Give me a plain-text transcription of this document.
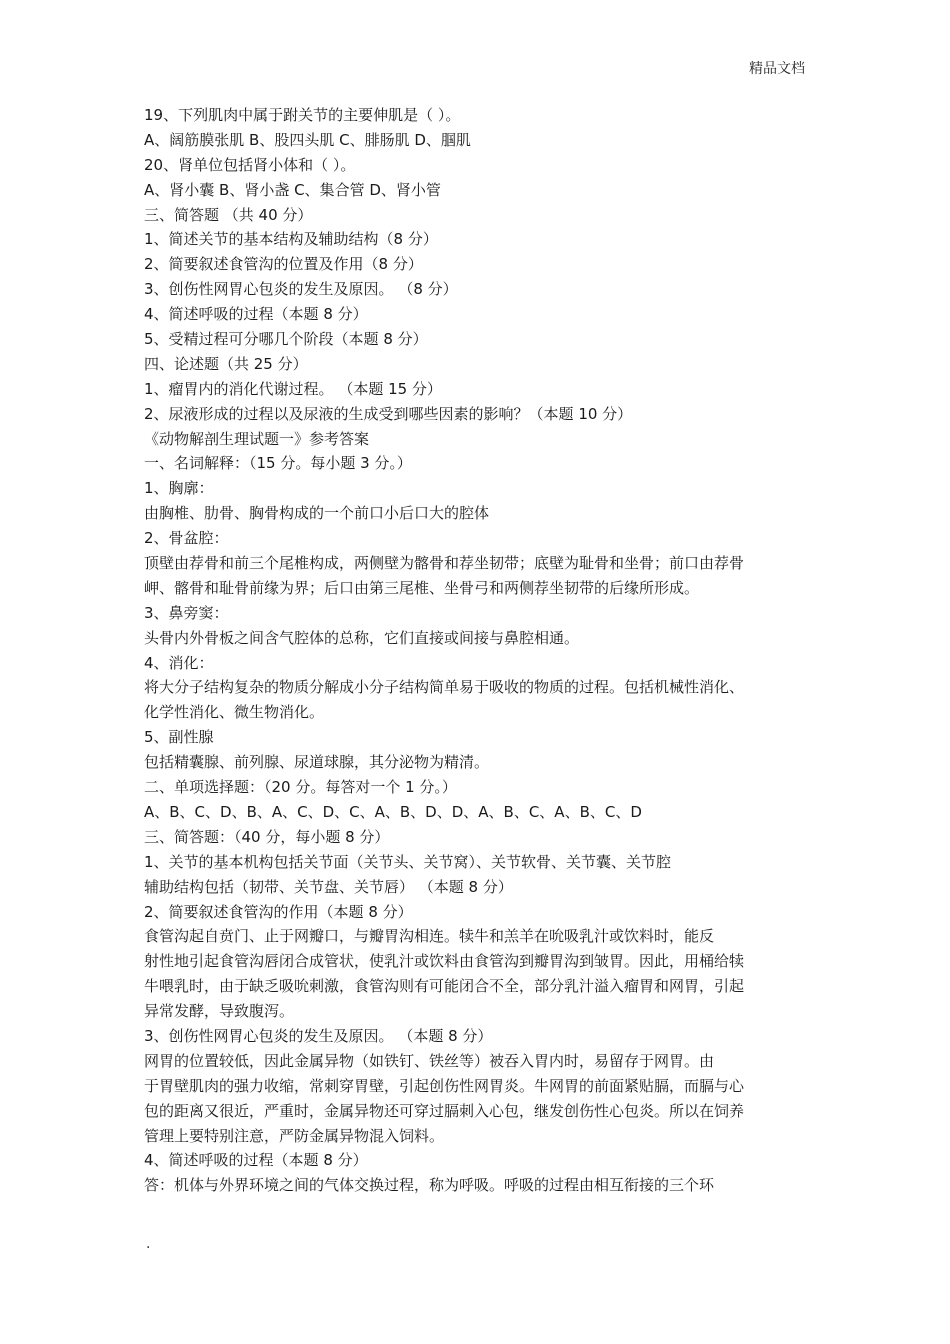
精品文档
19、下列肌肉中属于跗关节的主要伸肌是（ ）。
A、阔筋膜张肌 B、股四头肌 C、腓肠肌 D、腘肌
20、肾单位包括肾小体和（ ）。
A、肾小囊 B、肾小盏 C、集合管 D、肾小管
三、简答题 （共 40 分）
1、简述关节的基本结构及辅助结构（8 分）
2、简要叙述食管沟的位置及作用（8 分）
3、创伤性网胃心包炎的发生及原因。 （8 分）
4、简述呼吸的过程（本题 8 分）
5、受精过程可分哪几个阶段（本题 8 分）
四、论述题（共 25 分）
1、瘤胃内的消化代谢过程。 （本题 15 分）
2、尿液形成的过程以及尿液的生成受到哪些因素的影响？（本题 10 分）
《动物解剖生理试题一》参考答案
一、名词解释：（15 分。每小题 3 分。）
1、胸廓：
由胸椎、肋骨、胸骨构成的一个前口小后口大的腔体
2、骨盆腔：
顶壁由荐骨和前三个尾椎构成，两侧壁为髂骨和荐坐韧带；底壁为耻骨和坐骨；前口由荐骨
岬、髂骨和耻骨前缘为界；后口由第三尾椎、坐骨弓和两侧荐坐韧带的后缘所形成。
3、鼻旁窦：
头骨内外骨板之间含气腔体的总称，它们直接或间接与鼻腔相通。
4、消化：
将大分子结构复杂的物质分解成小分子结构简单易于吸收的物质的过程。包括机械性消化、
化学性消化、微生物消化。
5、副性腺
包括精囊腺、前列腺、尿道球腺，其分泌物为精清。
二、单项选择题：（20 分。每答对一个 1 分。）
A、B、C、D、B、A、C、D、C、A、B、D、D、A、B、C、A、B、C、D
三、简答题：（40 分，每小题 8 分）
1、关节的基本机构包括关节面（关节头、关节窝）、关节软骨、关节囊、关节腔
辅助结构包括（韧带、关节盘、关节唇） （本题 8 分）
2、简要叙述食管沟的作用（本题 8 分）
食管沟起自贲门、止于网瓣口，与瓣胃沟相连。犊牛和羔羊在吮吸乳汁或饮料时，能反
射性地引起食管沟唇闭合成管状，使乳汁或饮料由食管沟到瓣胃沟到皱胃。因此，用桶给犊
牛喂乳时，由于缺乏吸吮刺激，食管沟则有可能闭合不全，部分乳汁溢入瘤胃和网胃，引起
异常发酵，导致腹泻。
3、创伤性网胃心包炎的发生及原因。 （本题 8 分）
网胃的位置较低，因此金属异物（如铁钉、铁丝等）被吞入胃内时，易留存于网胃。由
于胃壁肌肉的强力收缩，常刺穿胃壁，引起创伤性网胃炎。牛网胃的前面紧贴膈，而膈与心
包的距离又很近，严重时，金属异物还可穿过膈刺入心包，继发创伤性心包炎。所以在饲养
管理上要特别注意，严防金属异物混入饲料。
4、简述呼吸的过程（本题 8 分）
答：机体与外界环境之间的气体交换过程，称为呼吸。呼吸的过程由相互衔接的三个环
.
